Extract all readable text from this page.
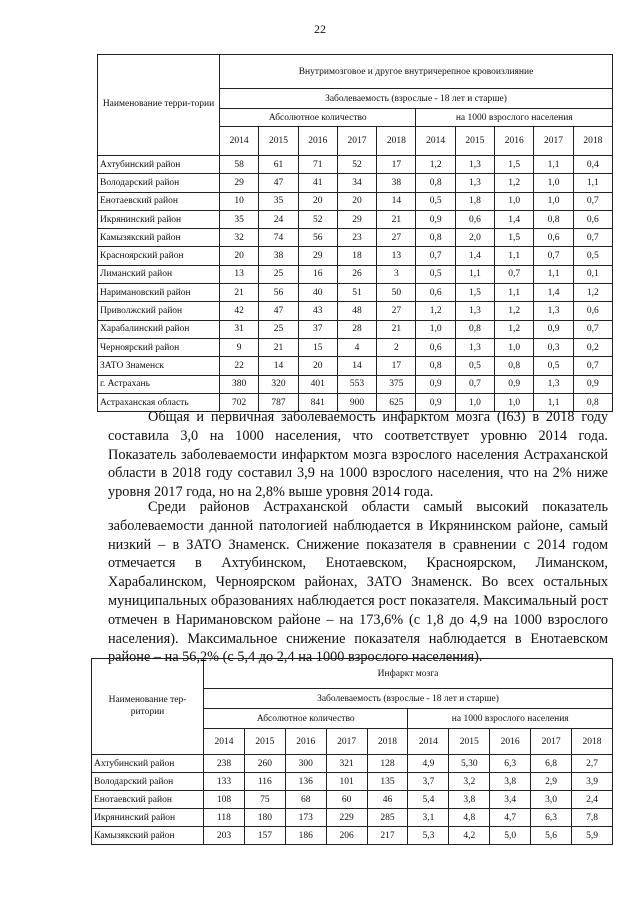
22
Наименование терри-тории	Внутримозговое и другое внутричерепное кровоизлияние									
	Заболеваемость (взрослые - 18 лет и старше)									
	Абсолютное количество					на 1000 взрослого населения				
	2014	2015	2016	2017	2018	2014	2015	2016	2017	2018
Ахтубинский район	58	61	71	52	17	1,2	1,3	1,5	1,1	0,4
Володарский район	29	47	41	34	38	0,8	1,3	1,2	1,0	1,1
Енотаевский район	10	35	20	20	14	0,5	1,8	1,0	1,0	0,7
Икрянинский район	35	24	52	29	21	0,9	0,6	1,4	0,8	0,6
Камызякский район	32	74	56	23	27	0,8	2,0	1,5	0,6	0,7
Красноярский район	20	38	29	18	13	0,7	1,4	1,1	0,7	0,5
Лиманский район	13	25	16	26	3	0,5	1,1	0,7	1,1	0,1
Наримановский район	21	56	40	51	50	0,6	1,5	1,1	1,4	1,2
Приволжский район	42	47	43	48	27	1,2	1,3	1,2	1,3	0,6
Харабалинский район	31	25	37	28	21	1,0	0,8	1,2	0,9	0,7
Черноярский район	9	21	15	4	2	0,6	1,3	1,0	0,3	0,2
ЗАТО Знаменск	22	14	20	14	17	0,8	0,5	0,8	0,5	0,7
г. Астрахань	380	320	401	553	375	0,9	0,7	0,9	1,3	0,9
Астраханская область	702	787	841	900	625	0,9	1,0	1,0	1,1	0,8

Общая и первичная заболеваемость инфарктом мозга (I63) в 2018 году составила 3,0 на 1000 населения, что соответствует уровню 2014 года. Показатель заболеваемости инфарктом мозга взрослого населения Астраханской области в 2018 году составил 3,9 на 1000 взрослого населения, что на 2% ниже уровня 2017 года, но на 2,8% выше уровня 2014 года.

Среди районов Астраханской области самый высокий показатель заболеваемости данной патологией наблюдается в Икрянинском районе, самый низкий – в ЗАТО Знаменск. Снижение показателя в сравнении с 2014 годом отмечается в Ахтубинском, Енотаевском, Красноярском, Лиманском, Харабалинском, Черноярском районах, ЗАТО Знаменск. Во всех остальных муниципальных образованиях наблюдается рост показателя. Максимальный рост отмечен в Наримановском районе – на 173,6% (с 1,8 до 4,9 на 1000 взрослого населения). Максимальное снижение показателя наблюдается в Енотаевском районе – на 56,2% (с 5,4 до 2,4 на 1000 взрослого населения).

Наименование тер-ритории	Инфаркт мозга									
	Заболеваемость (взрослые - 18 лет и старше)									
	Абсолютное количество					на 1000 взрослого населения				
	2014	2015	2016	2017	2018	2014	2015	2016	2017	2018
Ахтубинский район	238	260	300	321	128	4,9	5,30	6,3	6,8	2,7
Володарский район	133	116	136	101	135	3,7	3,2	3,8	2,9	3,9
Енотаевский район	108	75	68	60	46	5,4	3,8	3,4	3,0	2,4
Икрянинский район	118	180	173	229	285	3,1	4,8	4,7	6,3	7,8
Камызякский район	203	157	186	206	217	5,3	4,2	5,0	5,6	5,9
